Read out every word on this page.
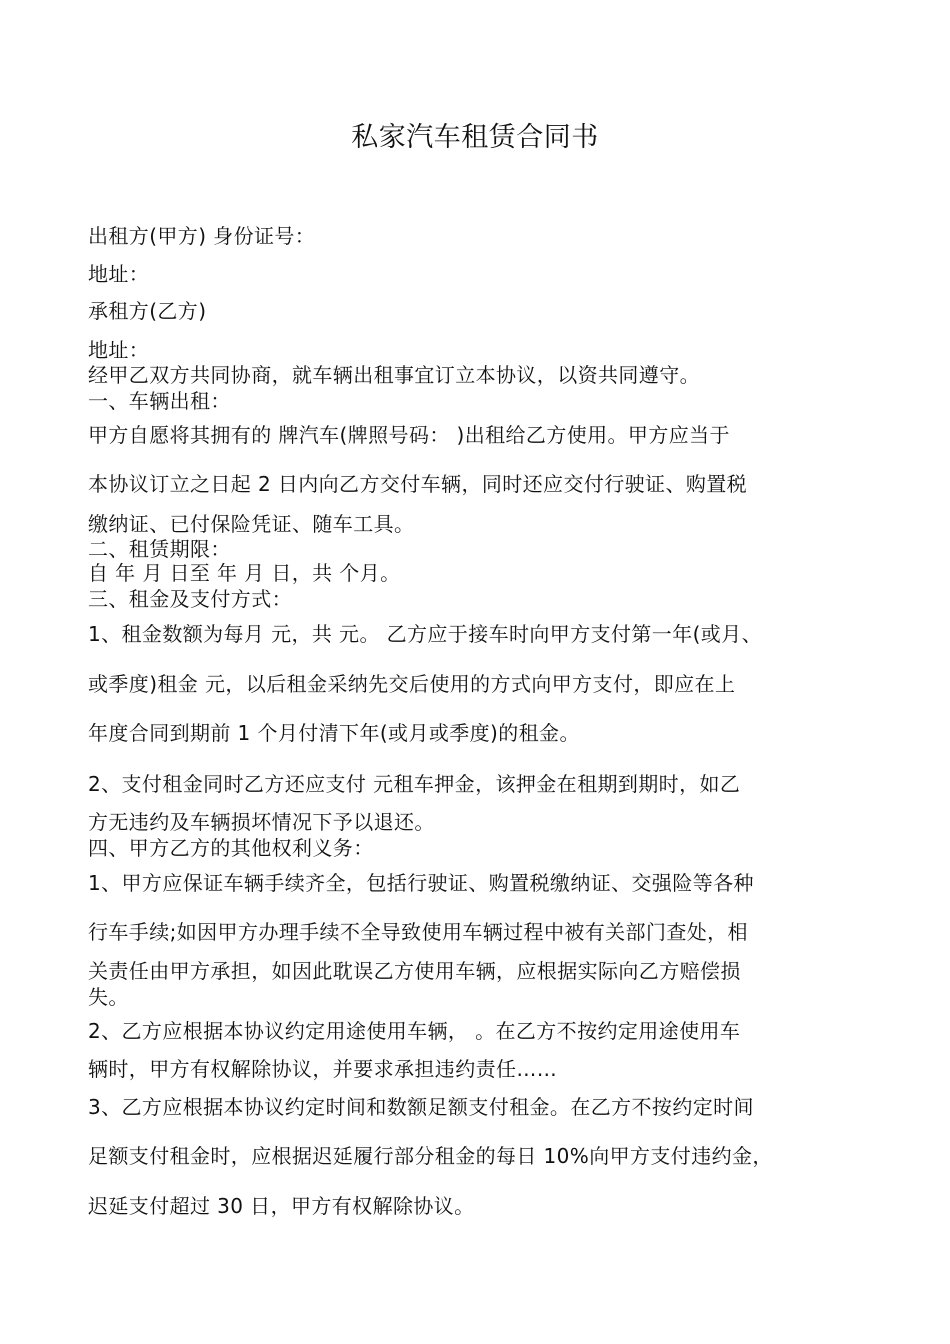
私家汽车租赁合同书
出租方(甲方) 身份证号：
地址：
承租方(乙方)
地址：
经甲乙双方共同协商，就车辆出租事宜订立本协议，以资共同遵守。
一、车辆出租：
甲方自愿将其拥有的 牌汽车(牌照号码： )出租给乙方使用。甲方应当于
本协议订立之日起 2 日内向乙方交付车辆，同时还应交付行驶证、购置税
缴纳证、已付保险凭证、随车工具。
二、租赁期限：
自 年 月 日至 年 月 日，共 个月。
三、租金及支付方式：
1、租金数额为每月 元，共 元。 乙方应于接车时向甲方支付第一年(或月、
或季度)租金 元，以后租金采纳先交后使用的方式向甲方支付，即应在上
年度合同到期前 1 个月付清下年(或月或季度)的租金。
2、支付租金同时乙方还应支付 元租车押金，该押金在租期到期时，如乙
方无违约及车辆损坏情况下予以退还。
四、甲方乙方的其他权利义务：
1、甲方应保证车辆手续齐全，包括行驶证、购置税缴纳证、交强险等各种
行车手续;如因甲方办理手续不全导致使用车辆过程中被有关部门查处，相
关责任由甲方承担，如因此耽误乙方使用车辆，应根据实际向乙方赔偿损
失。
2、乙方应根据本协议约定用途使用车辆， 。在乙方不按约定用途使用车
辆时，甲方有权解除协议，并要求承担违约责任……
3、乙方应根据本协议约定时间和数额足额支付租金。在乙方不按约定时间
足额支付租金时，应根据迟延履行部分租金的每日 10%向甲方支付违约金，
迟延支付超过 30 日，甲方有权解除协议。
